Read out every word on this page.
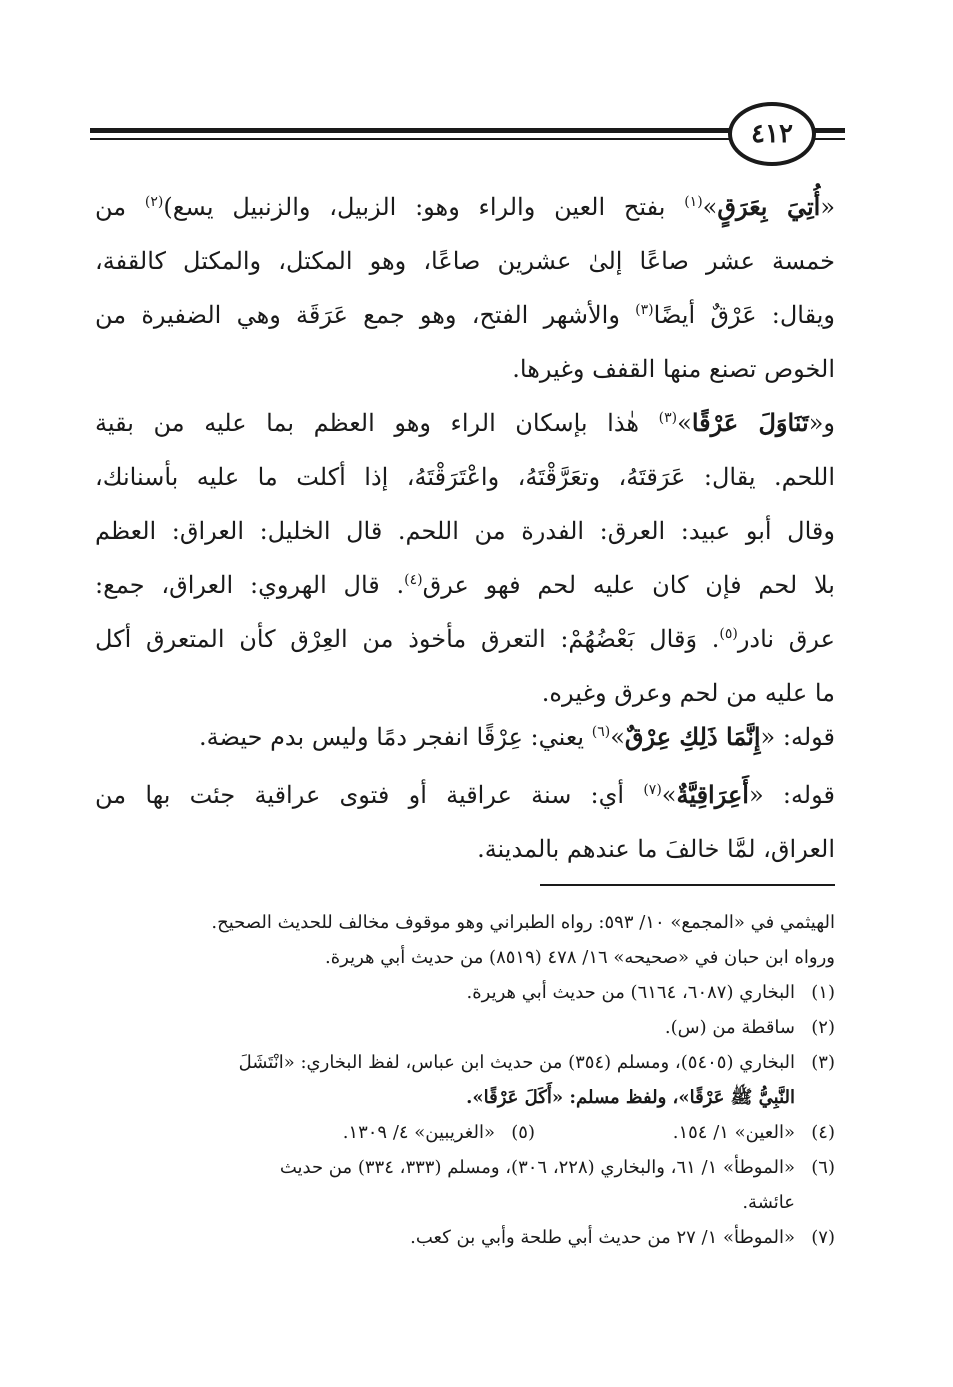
٤١٢
«أُتِيَ بِعَرَقٍ»$^{(١)}$ بفتح العين والراء وهو: الزبيل، والزنبيل يسع)$^{(٢)}$ من
خمسة عشر صاعًا إلىٰ عشرين صاعًا، وهو المكتل، والمكتل كالقفة،
ويقال: عَرْقٌ أيضًا$^{(٣)}$ والأشهر الفتح، وهو جمع عَرَقَة وهي الضفيرة من
الخوص تصنع منها القفف وغيرها.
و«تَنَاوَلَ عَرْقًا»$^{(٣)}$ هٰذا بإسكان الراء وهو العظم بما عليه من بقية
اللحم. يقال: عَرَقتَهُ، وتعَرَّقْتَهُ، واعْتَرَقْتَهُ، إذا أكلت ما عليه بأسنانك،
وقال أبو عبيد: العرق: الفدرة من اللحم. قال الخليل: العراق: العظم
بلا لحم فإن كان عليه لحم فهو عرق$^{(٤)}$. قال الهروي: العراق، جمع:
عرق نادر$^{(٥)}$. وَقال بَعْضُهُمْ: التعرق مأخوذ من العِرْق كأن المتعرق أكل
ما عليه من لحم وعرق وغيره.
قوله: «إِنَّمَا ذَلِكِ عِرْقٌ»$^{(٦)}$ يعني: عِرْقًا انفجر دمًا وليس بدم حيضة.
قوله: «أَعِرَاقِيَّةٌ»$^{(٧)}$ أي: سنة عراقية أو فتوى عراقية جئت بها من
العراق، لمَّا خالفَ ما عندهم بالمدينة.
الهيثمي في «المجمع» ١٠/ ٥٩٣: رواه الطبراني وهو موقوف مخالف للحديث الصحيح.
ورواه ابن حبان في «صحيحه» ١٦/ ٤٧٨ (٨٥١٩) من حديث أبي هريرة.
(١)البخاري (٦٠٨٧، ٦١٦٤) من حديث أبي هريرة.
(٢)ساقطة من (س).
(٣)البخاري (٥٤٠٥)، ومسلم (٣٥٤) من حديث ابن عباس، لفظ البخاري: «انْتَشَلَ
النَّبِيُّ ﷺ عَرْقًا»، ولفظ مسلم: «أَكَلَ عَرْقًا».
(٤)«العين» ١/ ١٥٤.(٥)«الغريبين» ٤/ ١٣٠٩.
(٦)«الموطأ» ١/ ٦١، والبخاري (٢٢٨، ٣٠٦)، ومسلم (٣٣٣، ٣٣٤) من حديث
عائشة.
(٧)«الموطأ» ١/ ٢٧ من حديث أبي طلحة وأبي بن كعب.
